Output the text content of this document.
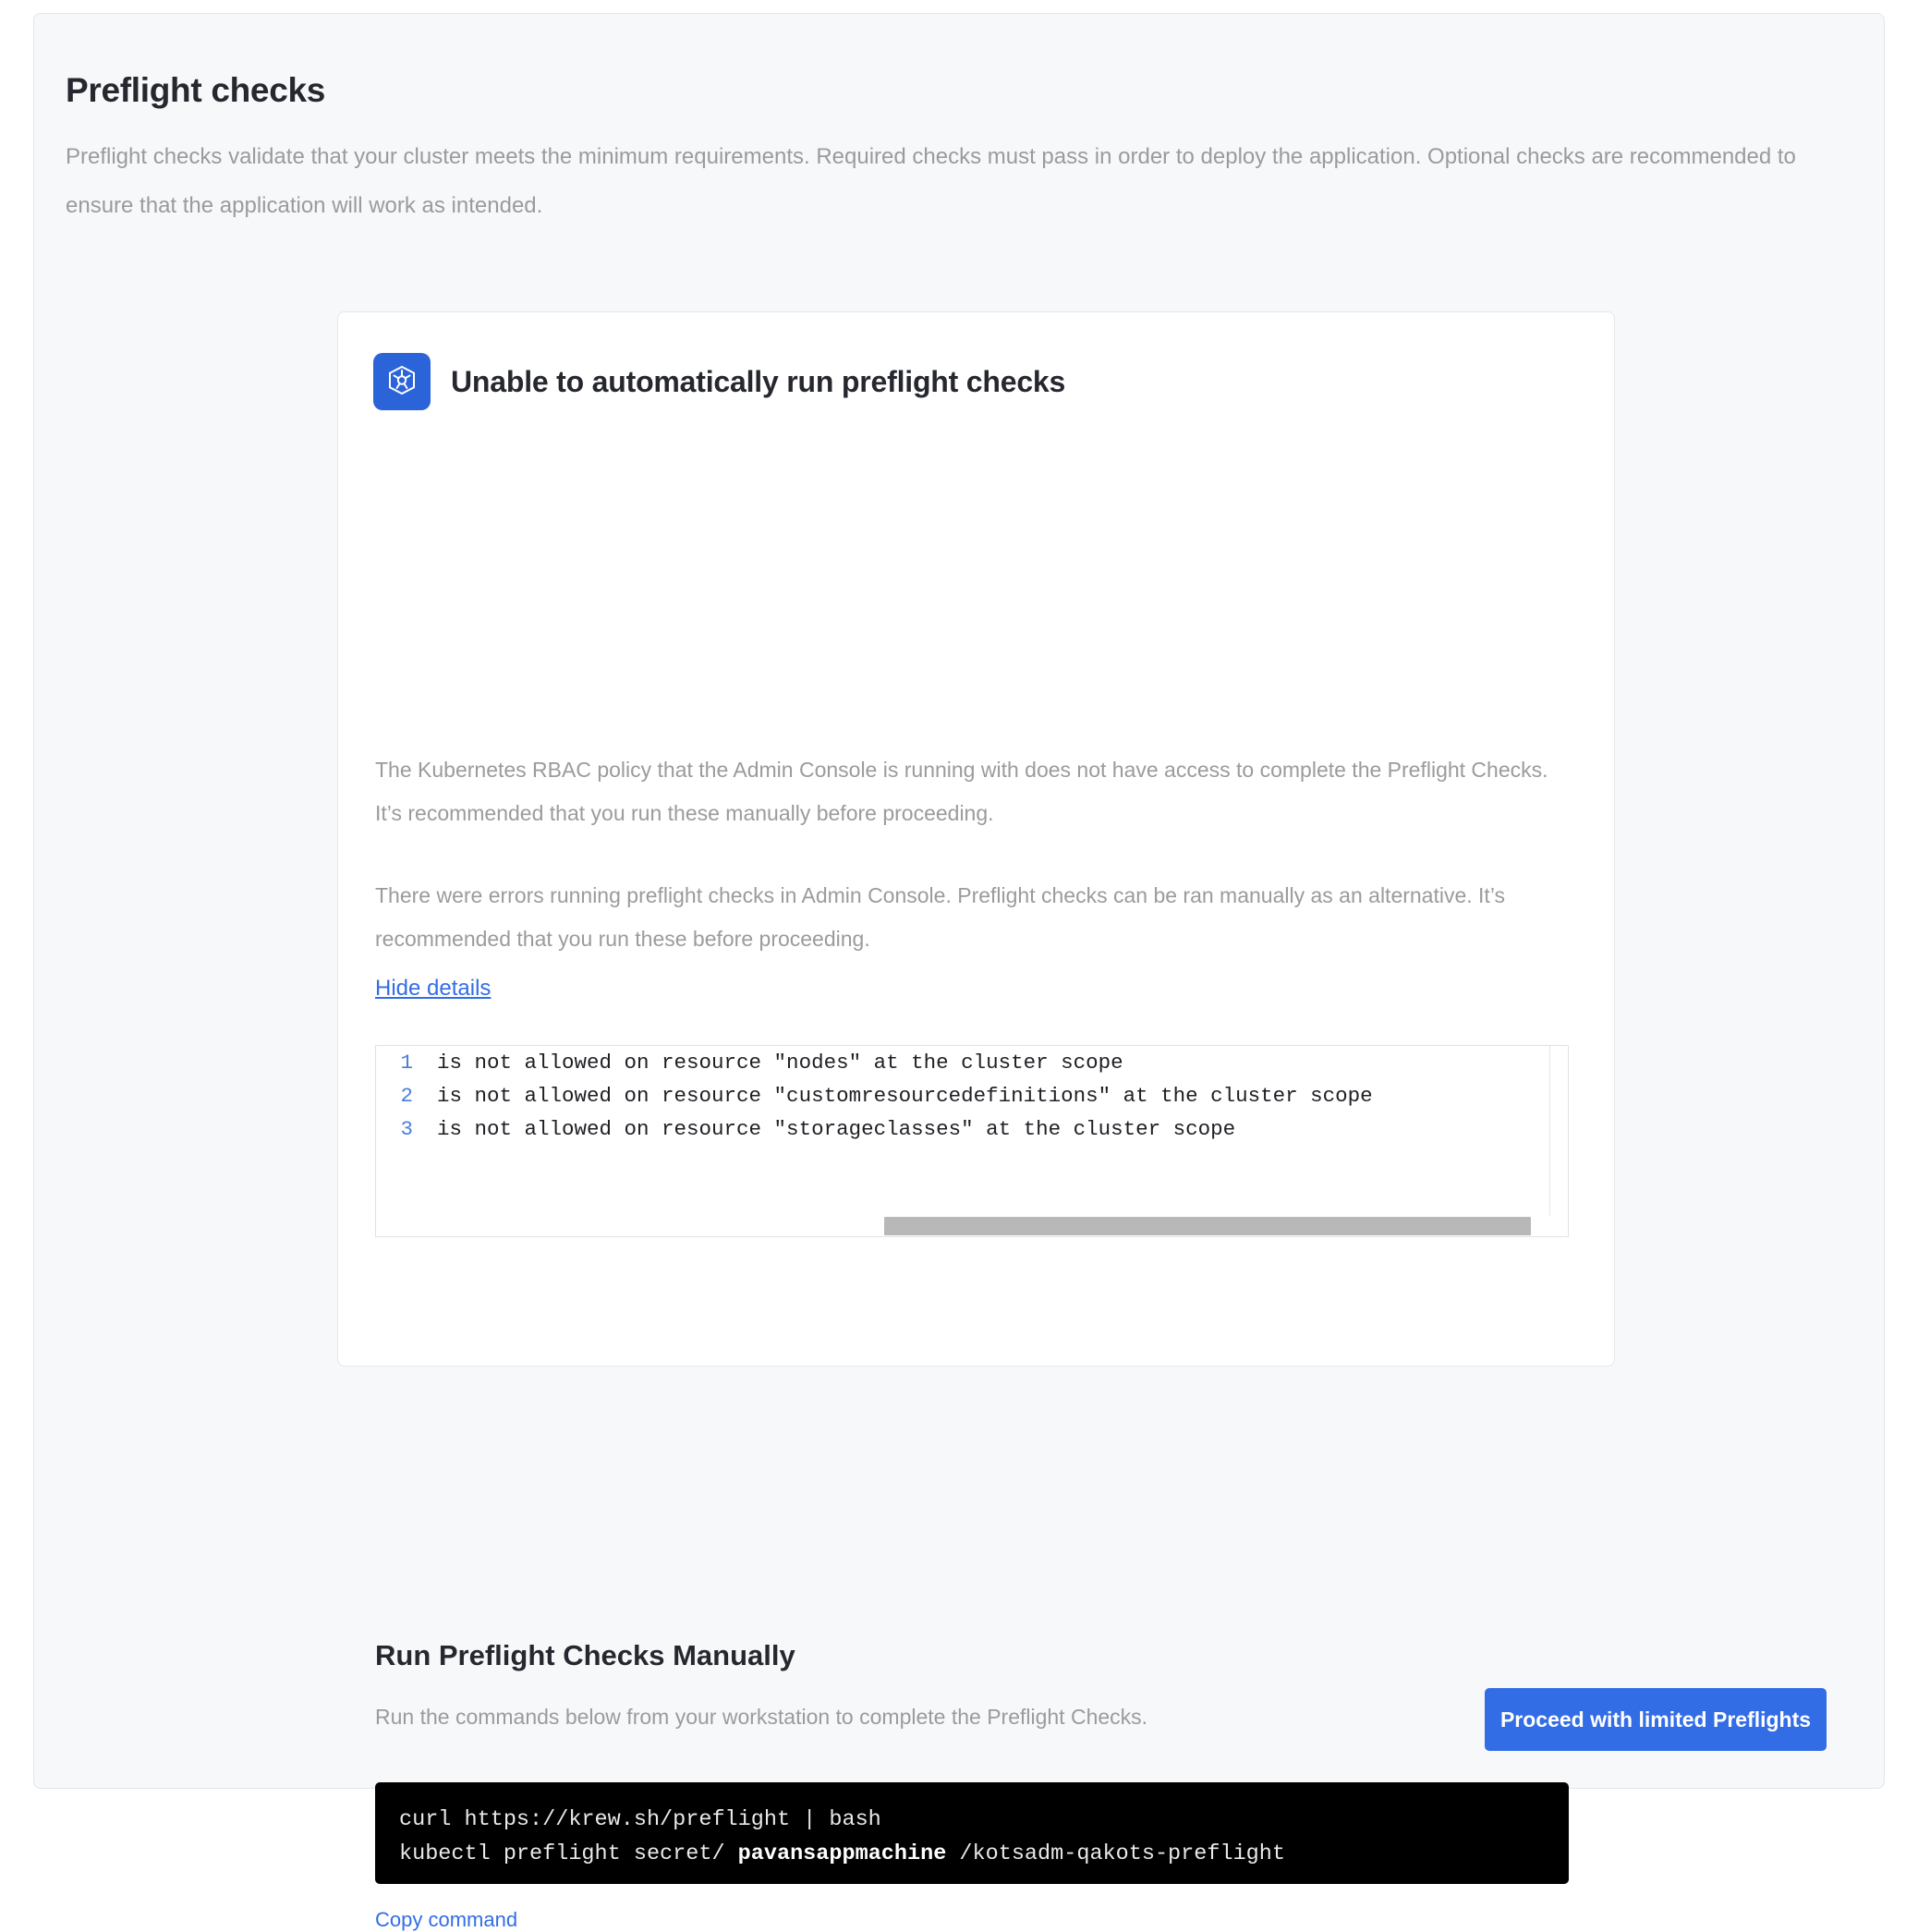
Preflight checks
Preflight checks validate that your cluster meets the minimum requirements. Required checks must pass in order to deploy the application. Optional checks are recommended to ensure that the application will work as intended.
Unable to automatically run preflight checks
The Kubernetes RBAC policy that the Admin Console is running with does not have access to complete the Preflight Checks. It’s recommended that you run these manually before proceeding.
There were errors running preflight checks in Admin Console. Preflight checks can be ran manually as an alternative. It’s recommended that you run these before proceeding.
Hide details
1	is not allowed on resource "nodes" at the cluster scope
2	is not allowed on resource "customresourcedefinitions" at the cluster scope
3	is not allowed on resource "storageclasses" at the cluster scope
Run Preflight Checks Manually
Run the commands below from your workstation to complete the Preflight Checks.
curl https://krew.sh/preflight | bash
kubectl preflight secret/ pavansappmachine /kotsadm-qakots-preflight
Copy command
Proceed with limited Preflights
